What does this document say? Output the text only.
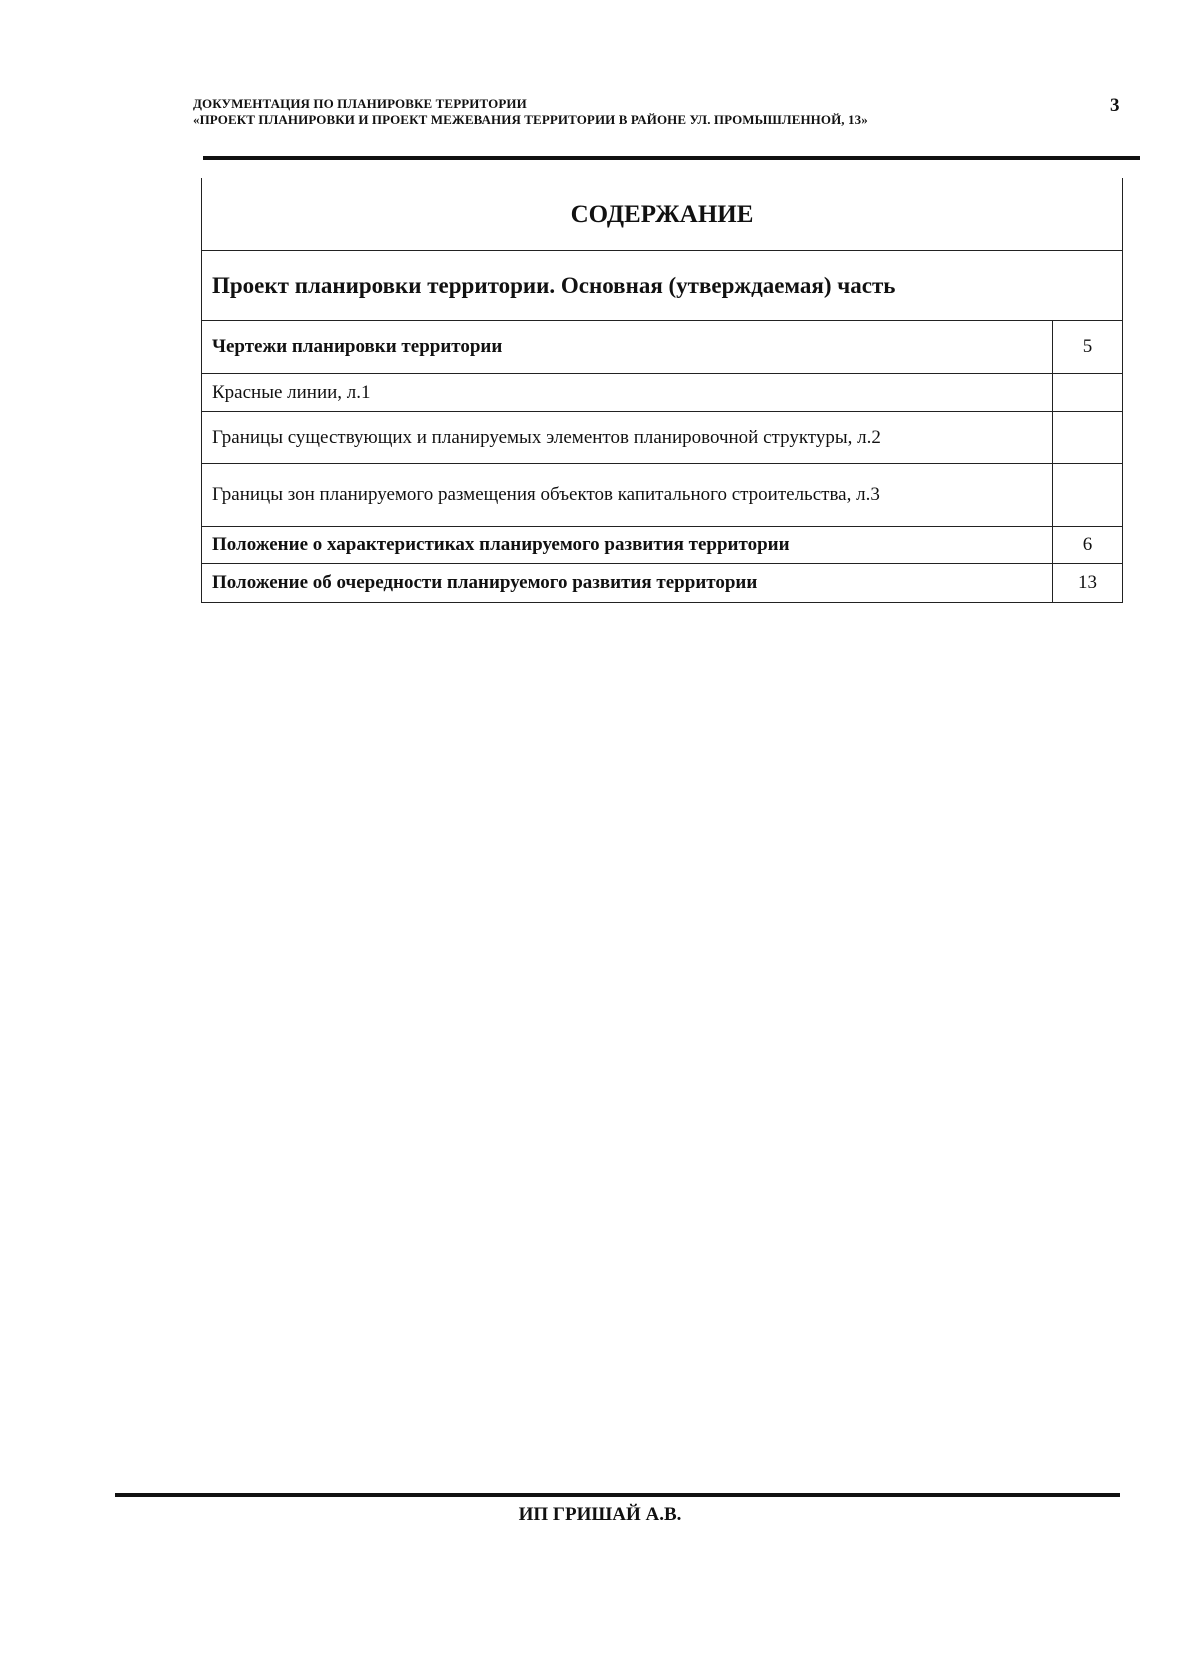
ДОКУМЕНТАЦИЯ ПО ПЛАНИРОВКЕ ТЕРРИТОРИИ
«ПРОЕКТ ПЛАНИРОВКИ И ПРОЕКТ МЕЖЕВАНИЯ ТЕРРИТОРИИ В РАЙОНЕ УЛ. ПРОМЫШЛЕННОЙ, 13»
3
СОДЕРЖАНИЕ	
Проект планировки территории. Основная (утверждаемая) часть	
Чертежи планировки территории	5
Красные линии, л.1	
Границы существующих и планируемых элементов планировочной структуры, л.2	
Границы зон планируемого размещения объектов капитального строительства, л.3	
Положение о характеристиках планируемого развития территории	6
Положение об очередности планируемого развития территории	13
ИП ГРИШАЙ А.В.
